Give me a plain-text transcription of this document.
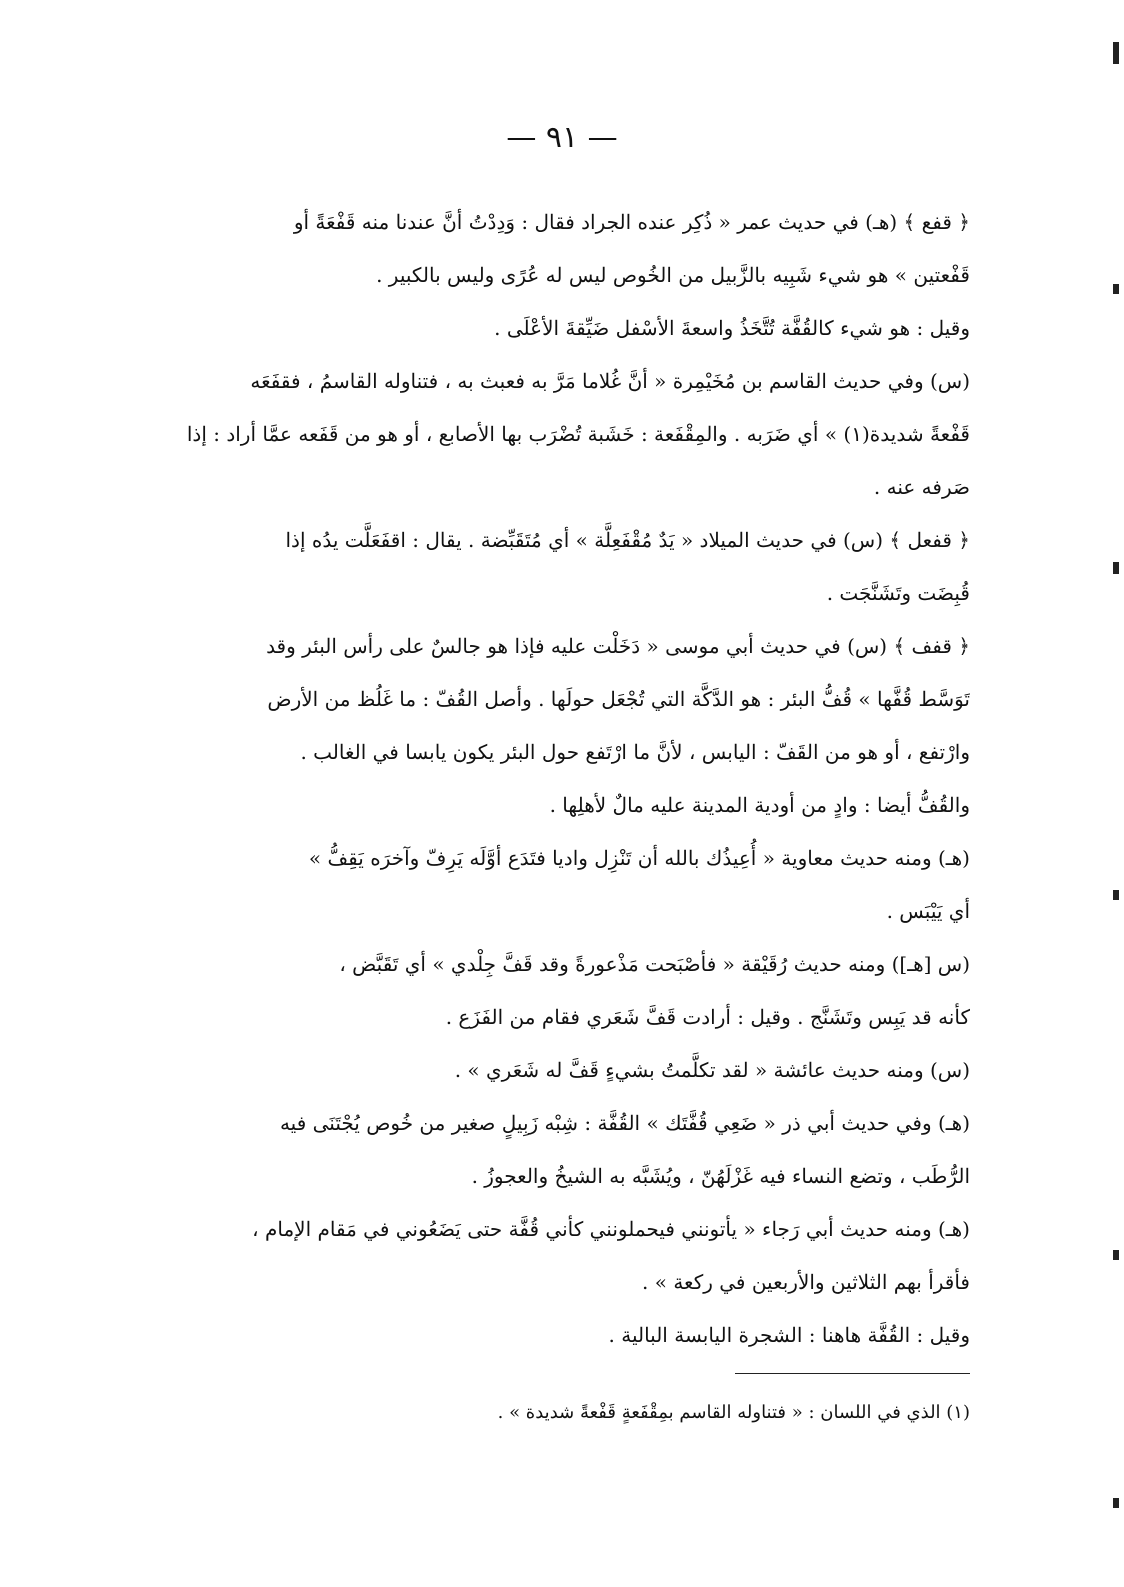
— ٩١ —
﴿ قفع ﴾ (هـ) في حديث عمر « ذُكِر عنده الجراد فقال : وَدِدْتُ أنَّ عندنا منه قَفْعَةً أو
قَفْعتين » هو شيء شَبِيه بالزَّبيل من الخُوص ليس له عُرًى وليس بالكبير .
وقيل : هو شيء كالقُفَّة تُتَّخَذُ واسعةَ الأسْفل ضَيِّقةَ الأعْلَى .
(س) وفي حديث القاسم بن مُخَيْمِرة « أنَّ غُلاما مَرَّ به فعبث به ، فتناوله القاسمُ ، فقفَعَه
قَفْعةً شديدة(١) » أي ضَرَبه . والمِقْفَعة : خَشَبة تُضْرَب بها الأصابع ، أو هو من قَفَعه عمَّا أراد : إذا
صَرفه عنه .
﴿ قفعل ﴾ (س) في حديث الميلاد « يَدٌ مُقْفَعِلَّة » أي مُتَقَبِّضة . يقال : اقفَعَلَّت يدُه إذا
قُبِضَت وتَشَنَّجَت .
﴿ قفف ﴾ (س) في حديث أبي موسى « دَخَلْت عليه فإذا هو جالسٌ على رأس البئر وقد
تَوَسَّط قُفَّها » قُفُّ البئر : هو الدَّكَّة التي تُجْعَل حولَها . وأصل القُفّ : ما غَلُظ من الأرض
وارْتفع ، أو هو من القَفّ : اليابس ، لأنَّ ما ارْتَفع حول البئر يكون يابسا في الغالب .
والقُفُّ أيضا : وادٍ من أودية المدينة عليه مالٌ لأهلِها .
(هـ) ومنه حديث معاوية « أُعِيذُك بالله أن تَنْزِل واديا فتَدَع أوَّلَه يَرِفّ وآخرَه يَقِفُّ »
أي يَيْبَس .
(س [هـ]) ومنه حديث رُقَيْقة « فأصْبَحت مَذْعورةً وقد قَفَّ جِلْدي » أي تَقَبَّض ،
كأنه قد يَبِس وتَشَنَّج . وقيل : أرادت قَفَّ شَعَري فقام من الفَزَع .
(س) ومنه حديث عائشة « لقد تكلَّمتُ بشيءٍ قَفَّ له شَعَري » .
(هـ) وفي حديث أبي ذر « ضَعِي قُفَّتَك » القُفَّة : شِبْه زَبِيلٍ صغير من خُوص يُجْتَنَى فيه
الرُّطَب ، وتضع النساء فيه غَزْلَهُنّ ، ويُشَبَّه به الشيخُ والعجوزُ .
(هـ) ومنه حديث أبي رَجاء « يأتونني فيحملونني كأني قُفَّة حتى يَضَعُوني في مَقام الإمام ،
فأقرأ بهم الثلاثين والأربعين في ركعة » .
وقيل : القُفَّة هاهنا : الشجرة اليابسة البالية .
(١) الذي في اللسان : « فتناوله القاسم بمِقْفَعةٍ قَفْعةً شديدة » .
